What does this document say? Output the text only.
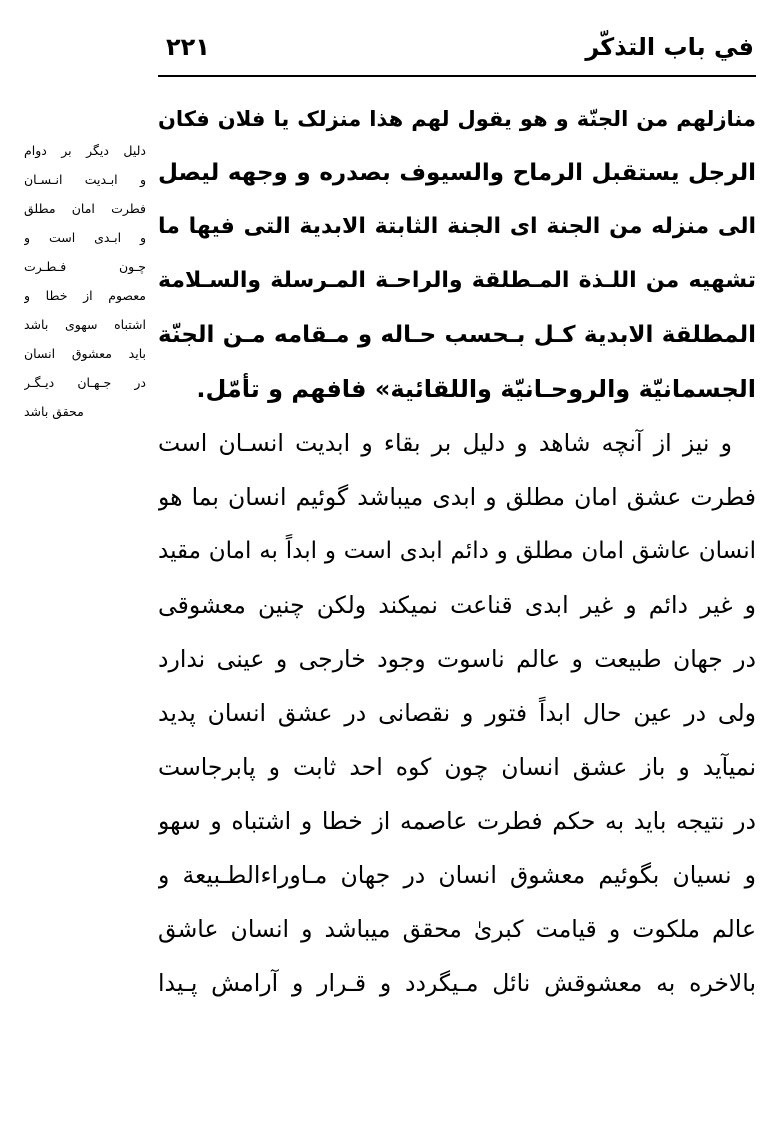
في باب التذكّر
۲۲۱
دلیل دیگر بر دوام
و ابـدیت انـسـان
فطرت امان مطلق
و ابـدی است و
چـون فـطـرت
معصوم از خطا و
اشتباه سهوی باشد
باید معشوق انسان
در جـهـان دیـگـر
محقق باشد
منازلهم من الجنّة و هو يقول لهم هذا منزلک يا فلان فكان
الرجل يستقبل الرماح والسيوف بصدره و وجهه ليصل
الى منزله من الجنة اى الجنة الثابتة الابدية التى فيها ما
تشهيه من اللـذة المـطلقة والراحـة المـرسلة والسـلامة
المطلقة الابدية كـل بـحسب حـاله و مـقامه مـن الجنّة
الجسمانيّة والروحـانيّة واللقائية» فافهم و تأمّل.
و نیز از آنچه شاهد و دلیل بر بقاء و ابدیت انسـان است
فطرت عشق امان مطلق و ابدی میباشد گوئیم انسان بما هو
انسان عاشق امان مطلق و دائم ابدی است و ابداً به امان مقید
و غیر دائم و غیر ابدی قناعت نمیکند ولکن چنین معشوقی
در جهان طبیعت و عالم ناسوت وجود خارجی و عینی ندارد
ولی در عین حال ابداً فتور و نقصانی در عشق انسان پدید
نمیآید و باز عشق انسان چون کوه احد ثابت و پابرجاست
در نتیجه باید به حکم فطرت عاصمه از خطا و اشتباه و سهو
و نسیان بگوئیم معشوق انسان در جهان مـاوراءالطـبیعة و
عالم ملکوت و قیامت کبریٰ محقق میباشد و انسان عاشق
بالاخره به معشوقش نائل مـیگردد و قـرار و آرامش پـیدا
